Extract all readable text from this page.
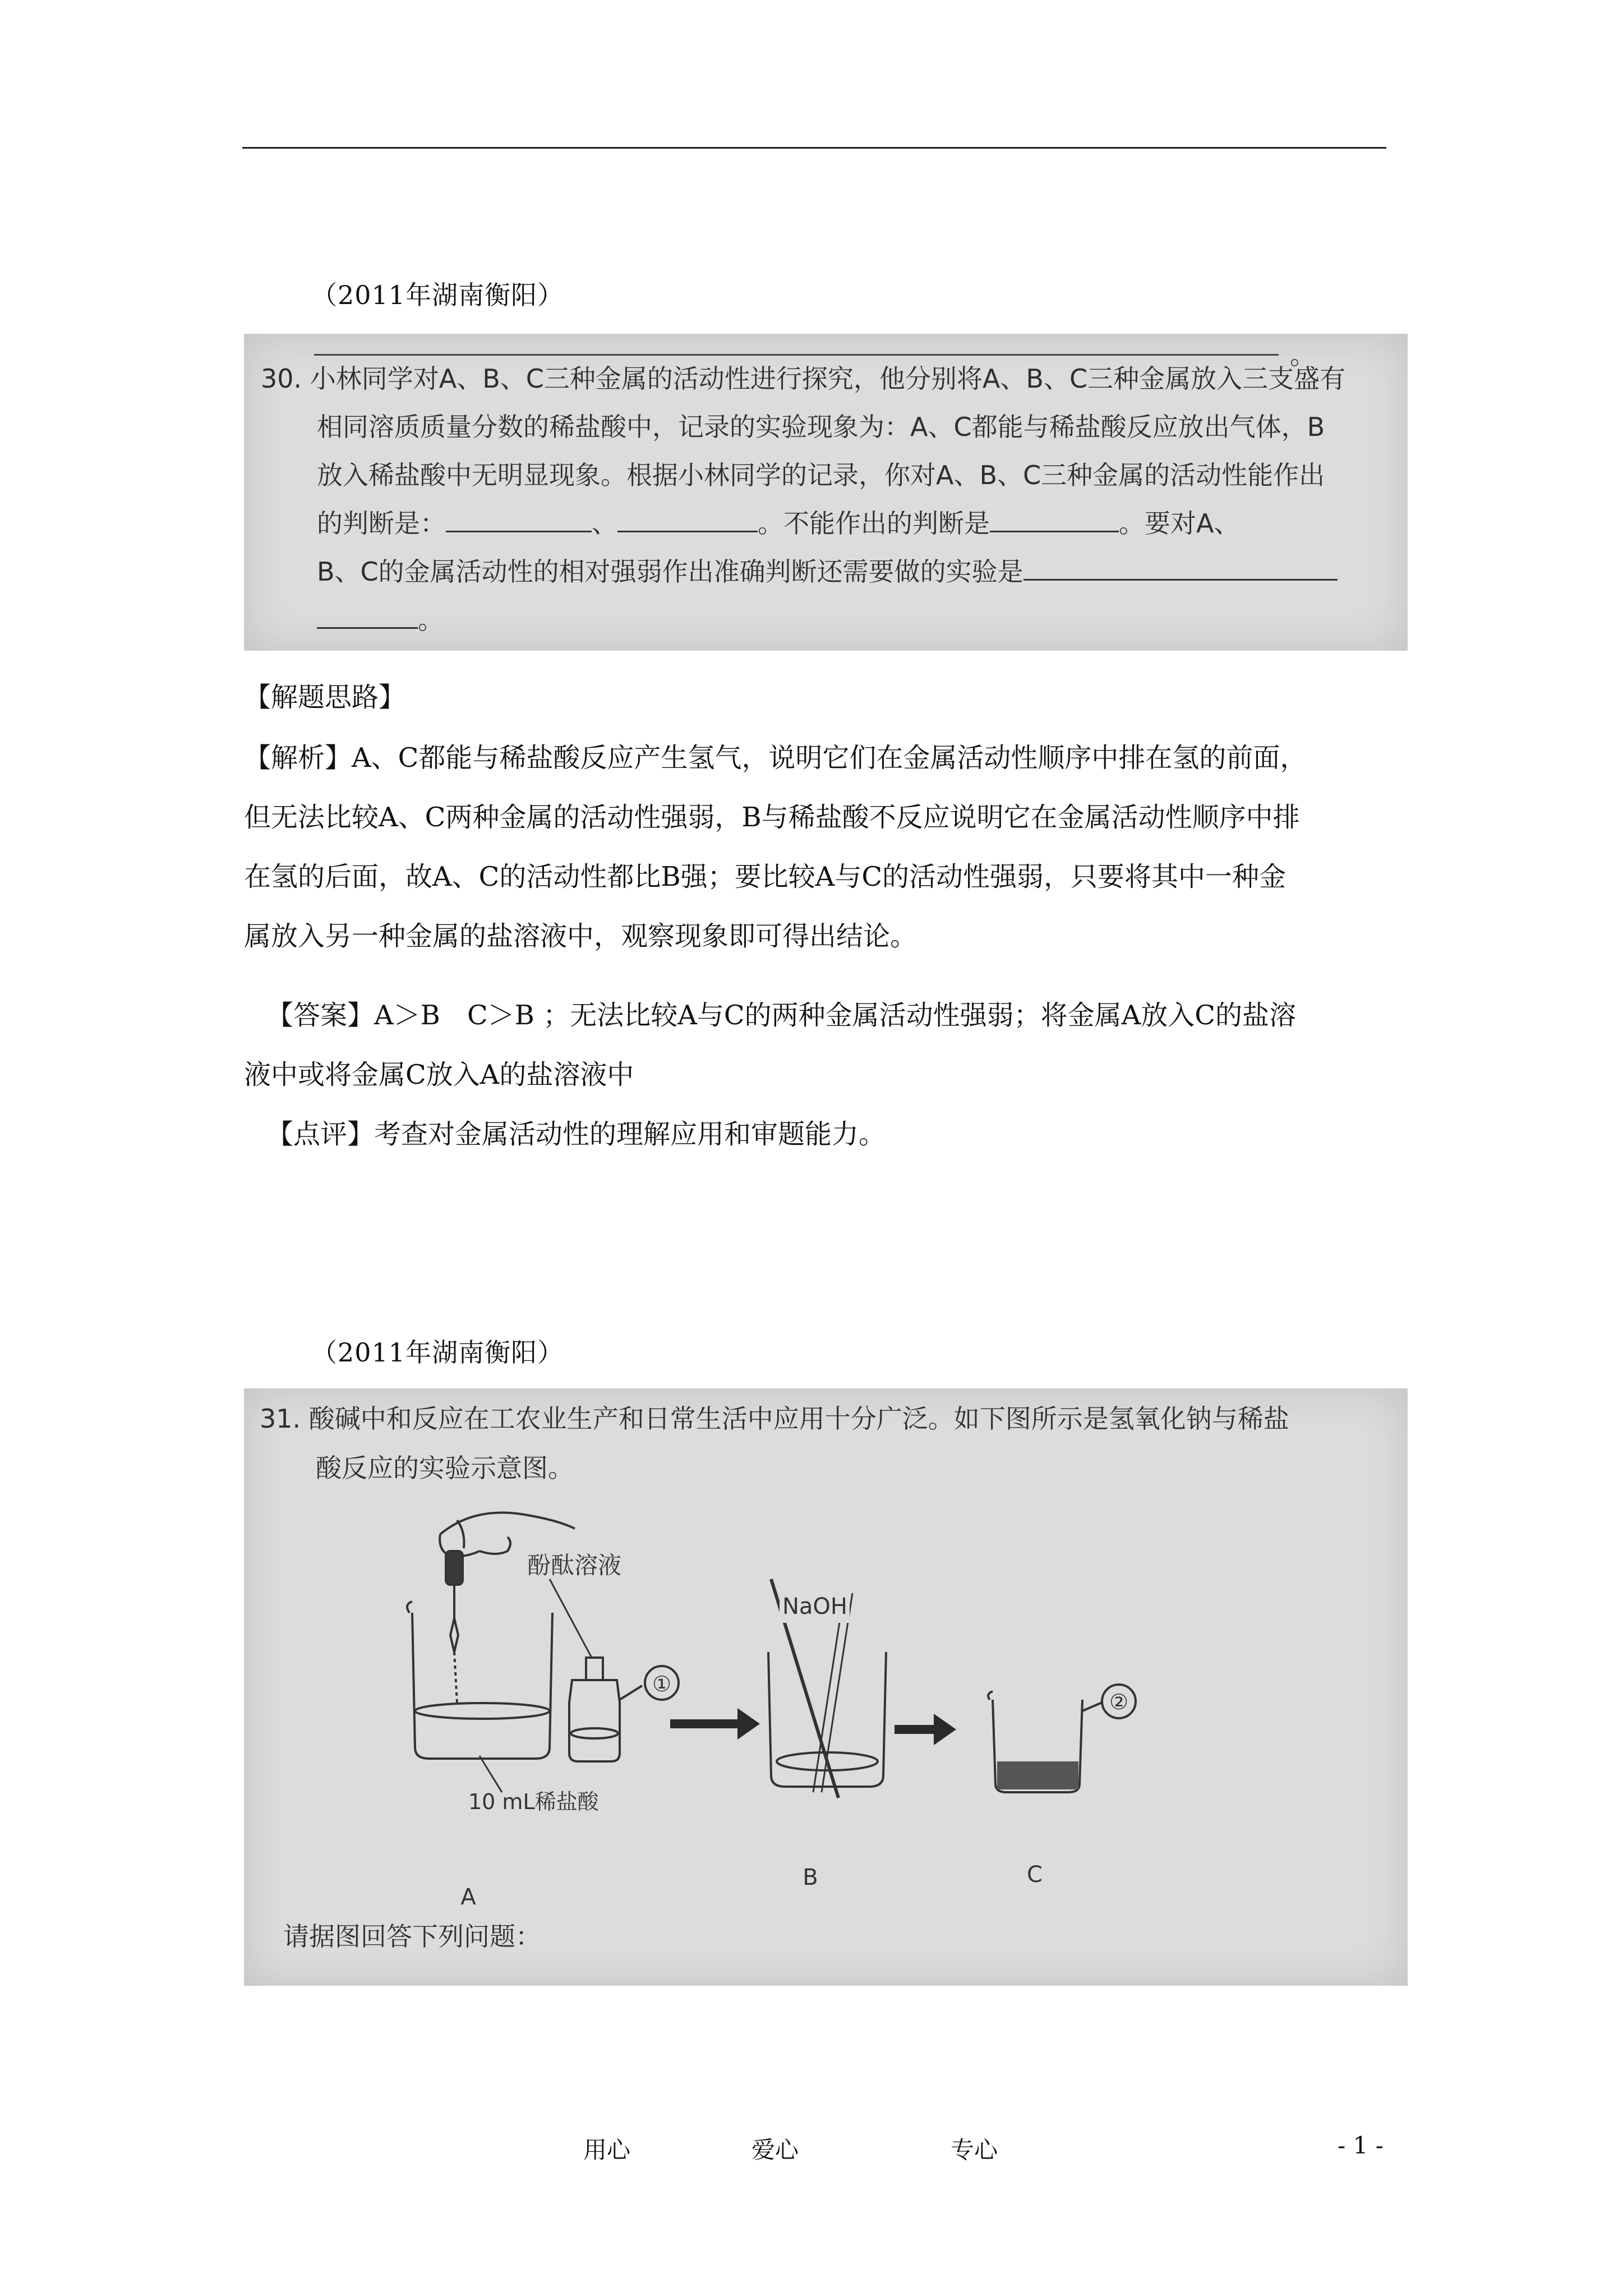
（2011年湖南衡阳）
。
30. 小林同学对A、B、C三种金属的活动性进行探究，他分别将A、B、C三种金属放入三支盛有
相同溶质质量分数的稀盐酸中，记录的实验现象为：A、C都能与稀盐酸反应放出气体，B
放入稀盐酸中无明显现象。根据小林同学的记录，你对A、B、C三种金属的活动性能作出
的判断是：	、	。不能作出的判断是	。要对A、
B、C的金属活动性的相对强弱作出准确判断还需要做的实验是
。
【解题思路】
【解析】A、C都能与稀盐酸反应产生氢气，说明它们在金属活动性顺序中排在氢的前面，
但无法比较A、C两种金属的活动性强弱，B与稀盐酸不反应说明它在金属活动性顺序中排
在氢的后面，故A、C的活动性都比B强；要比较A与C的活动性强弱，只要将其中一种金
属放入另一种金属的盐溶液中，观察现象即可得出结论。
【答案】A＞B　C＞B ；无法比较A与C的两种金属活动性强弱；将金属A放入C的盐溶
液中或将金属C放入A的盐溶液中
【点评】考查对金属活动性的理解应用和审题能力。
（2011年湖南衡阳）
31. 酸碱中和反应在工农业生产和日常生活中应用十分广泛。如下图所示是氢氧化钠与稀盐
酸反应的实验示意图。
酚酞溶液
①
10 mL稀盐酸
A
NaOH
B
②
C
请据图回答下列问题：
用心	爱心	专心	- 1 -
